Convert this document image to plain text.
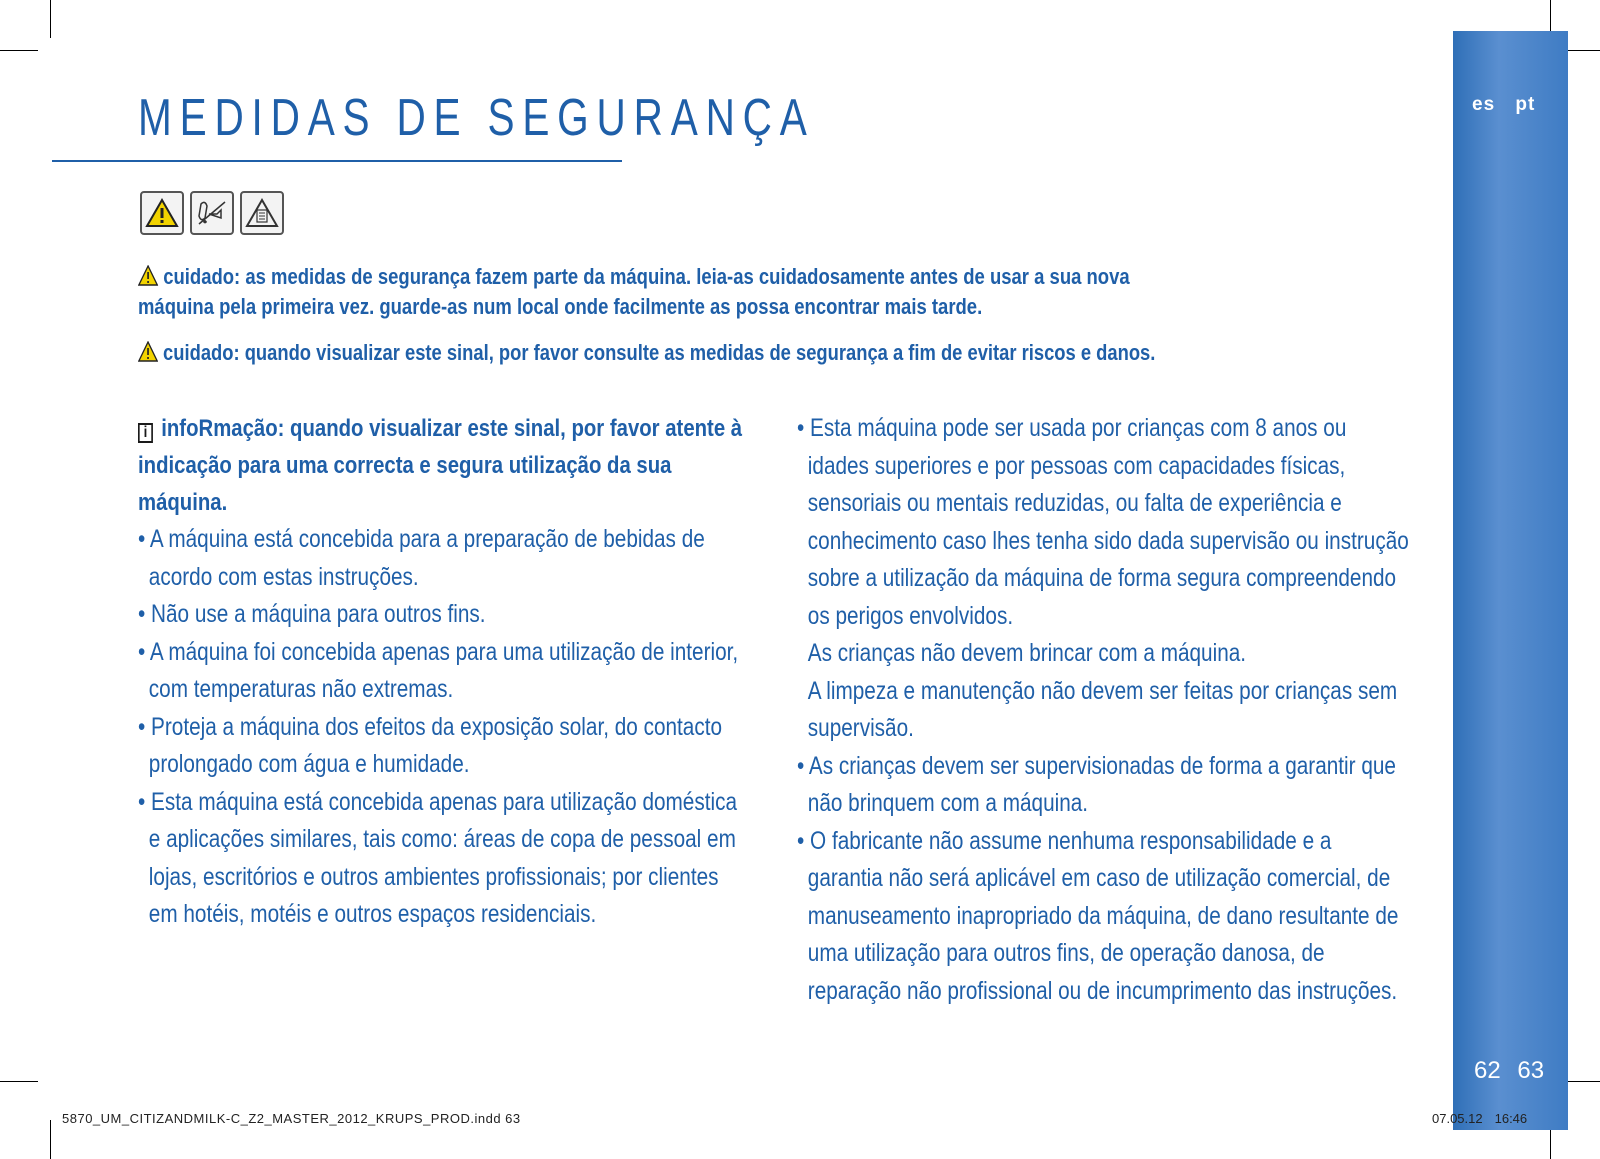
es pt
62 63
MEDIDAS DE SEGURANÇA
cuidado: as medidas de segurança fazem parte da máquina. leia-as cuidadosamente antes de usar a sua nova
máquina pela primeira vez. guarde-as num local onde facilmente as possa encontrar mais tarde.
cuidado: quando visualizar este sinal, por favor consulte as medidas de segurança a fim de evitar riscos e danos.
i infoRmação: quando visualizar este sinal, por favor atente à indicação para uma correcta e segura utilização da sua máquina.
• A máquina está concebida para a preparação de bebidas de acordo com estas instruções.
• Não use a máquina para outros fins.
• A máquina foi concebida apenas para uma utilização de interior, com temperaturas não extremas.
• Proteja a máquina dos efeitos da exposição solar, do contacto prolongado com água e humidade.
• Esta máquina está concebida apenas para utilização doméstica e aplicações similares, tais como: áreas de copa de pessoal em lojas, escritórios e outros ambientes profissionais; por clientes em hotéis, motéis e outros espaços residenciais.
• Esta máquina pode ser usada por crianças com 8 anos ou idades superiores e por pessoas com capacidades físicas, sensoriais ou mentais reduzidas, ou falta de experiência e conhecimento caso lhes tenha sido dada supervisão ou instrução sobre a utilização da máquina de forma segura compreendendo os perigos envolvidos.
As crianças não devem brincar com a máquina.
A limpeza e manutenção não devem ser feitas por crianças sem supervisão.
• As crianças devem ser supervisionadas de forma a garantir que não brinquem com a máquina.
• O fabricante não assume nenhuma responsabilidade e a garantia não será aplicável em caso de utilização comercial, de manuseamento inapropriado da máquina, de dano resultante de uma utilização para outros fins, de operação danosa, de reparação não profissional ou de incumprimento das instruções.
5870_UM_CITIZANDMILK-C_Z2_MASTER_2012_KRUPS_PROD.indd 63	07.05.12 16:46
